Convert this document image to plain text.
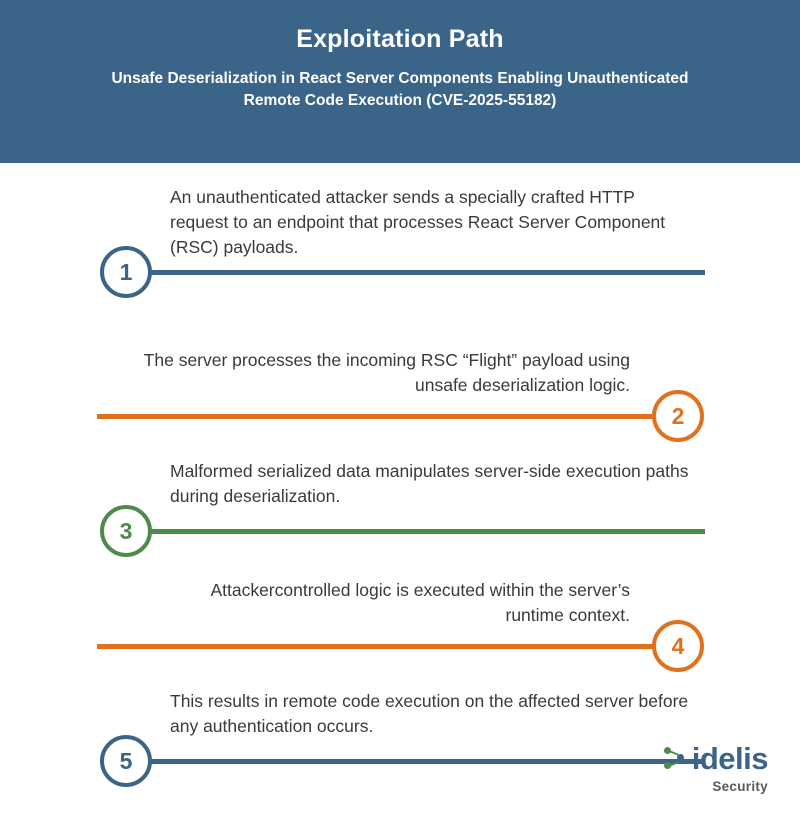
Exploitation Path
Unsafe Deserialization in React Server Components Enabling Unauthenticated Remote Code Execution (CVE-2025-55182)
An unauthenticated attacker sends a specially crafted HTTP request to an endpoint that processes React Server Component (RSC) payloads.
1
The server processes the incoming RSC “Flight” payload using unsafe deserialization logic.
2
Malformed serialized data manipulates server-side execution paths during deserialization.
3
Attackercontrolled logic is executed within the server’s runtime context.
4
This results in remote code execution on the affected server before any authentication occurs.
5	idelis
Security
